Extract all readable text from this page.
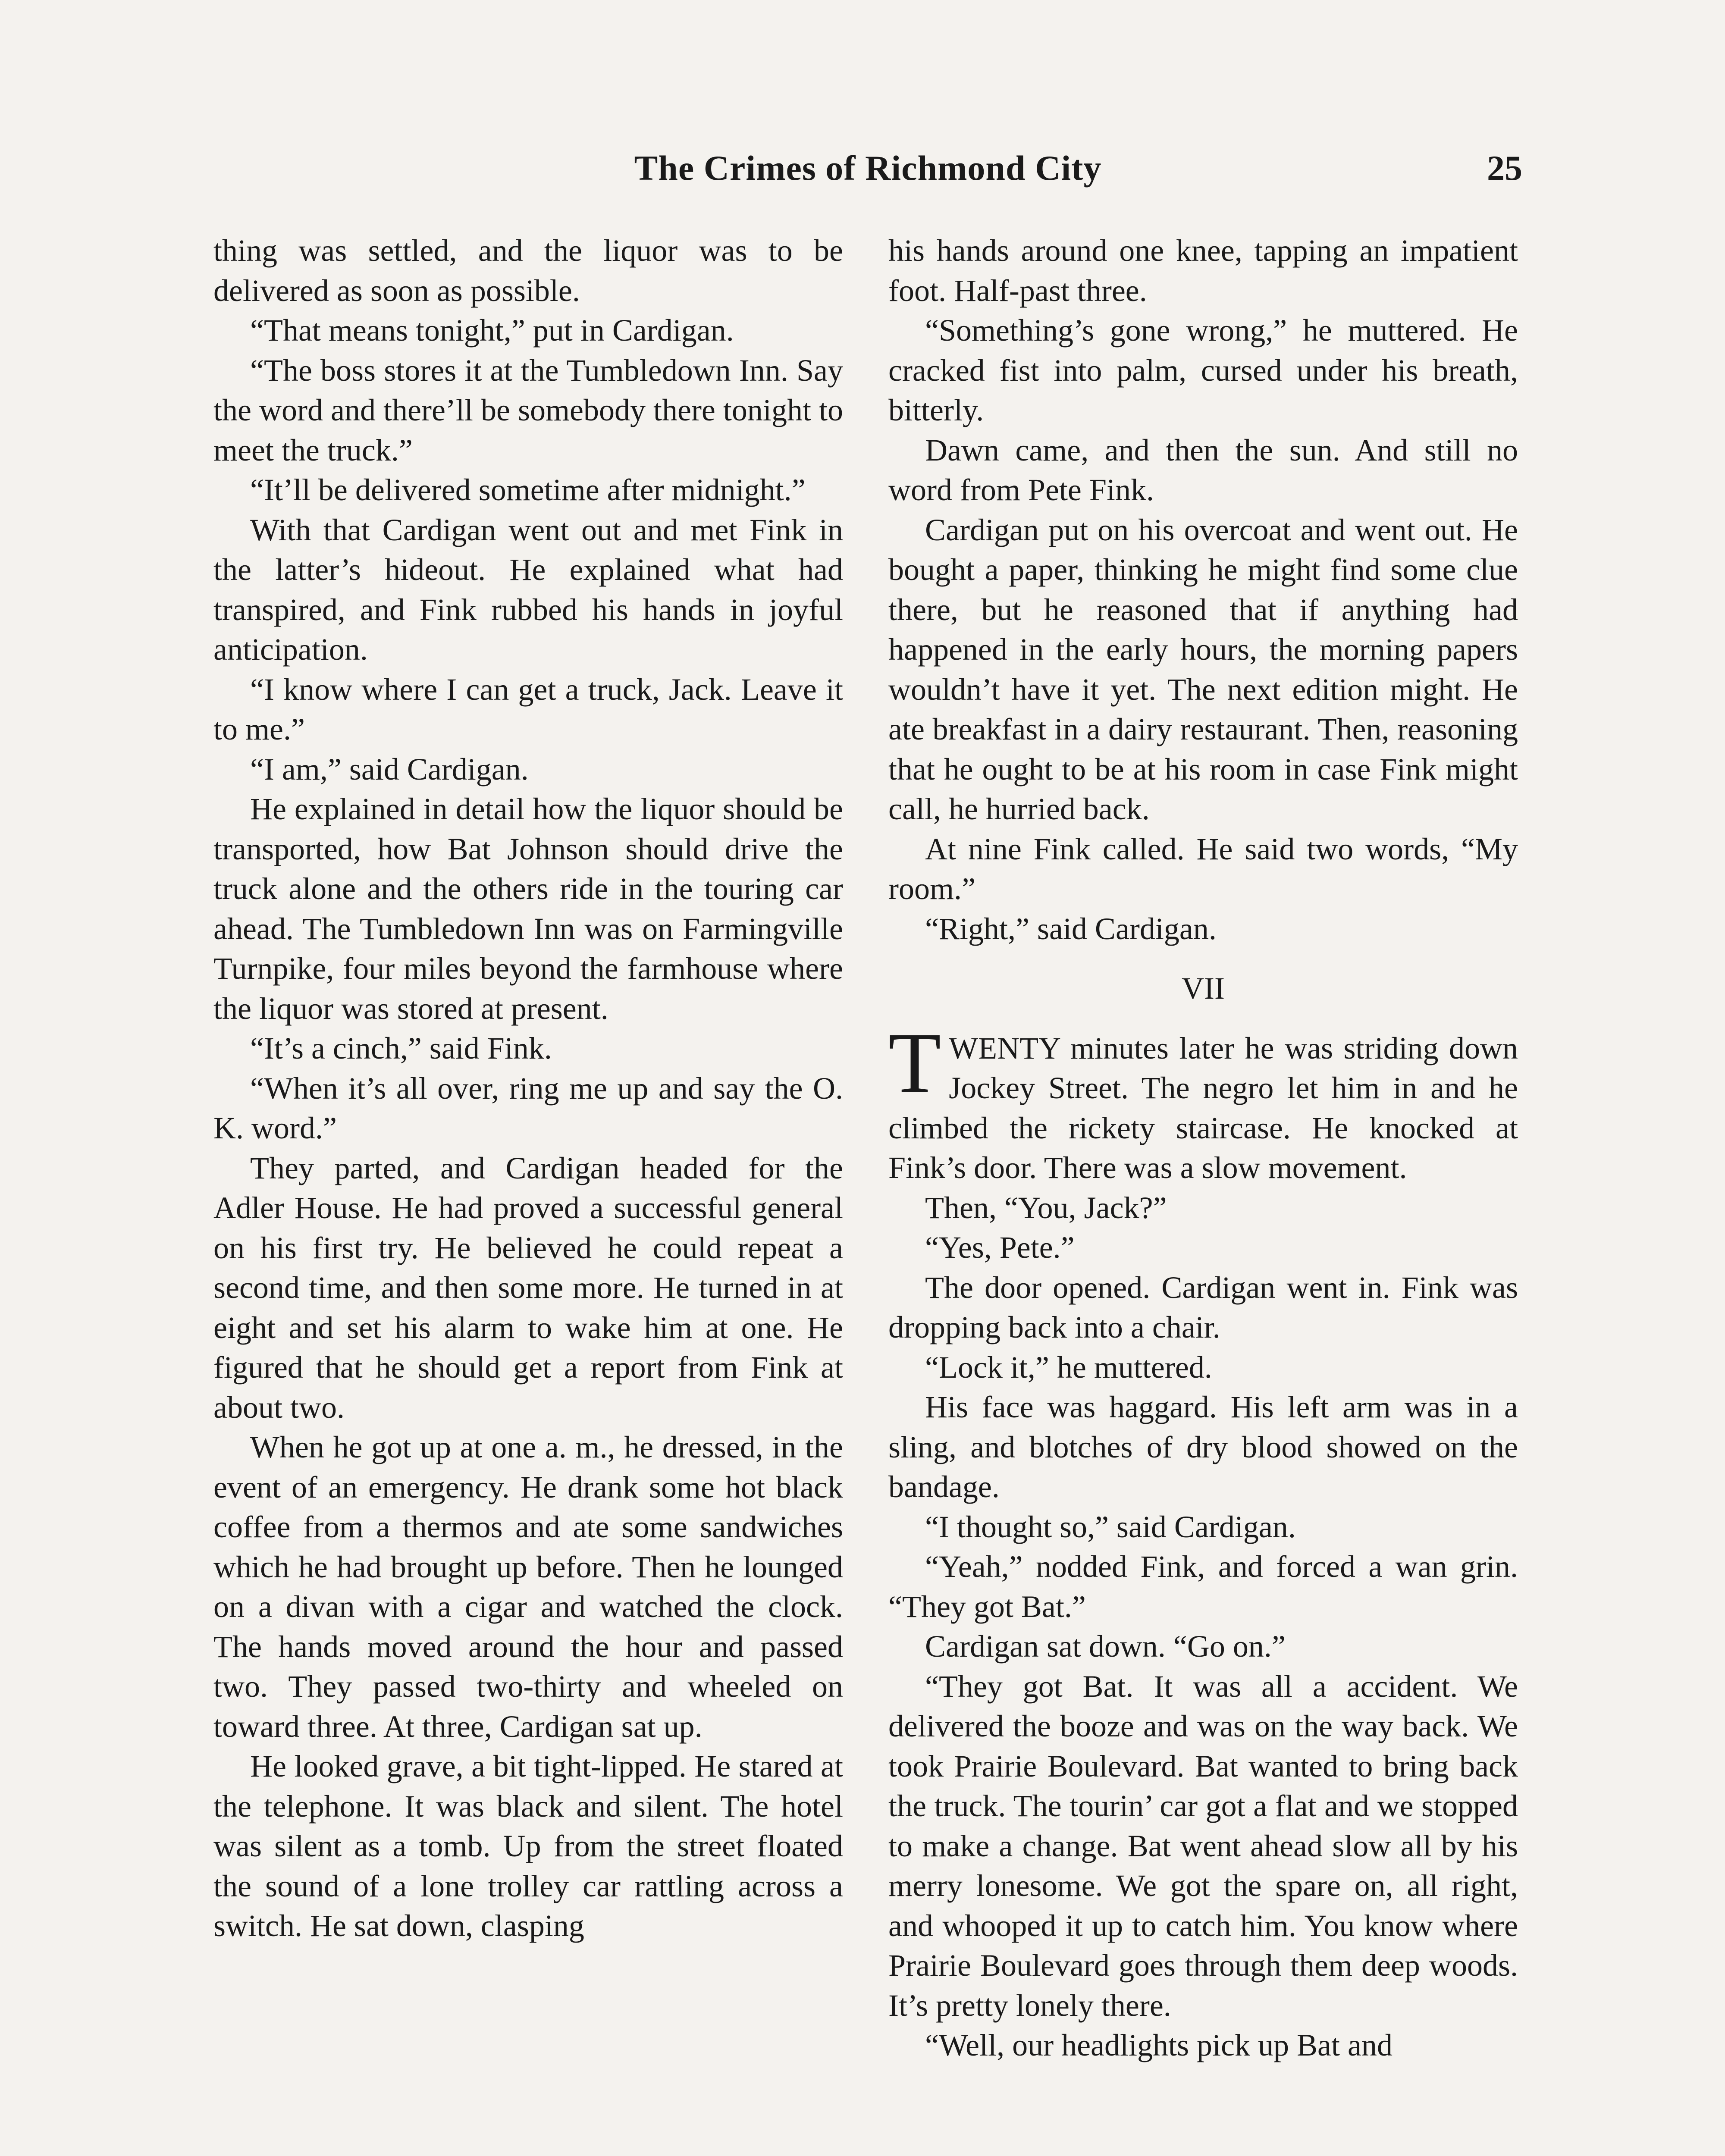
The Crimes of Richmond City	25

thing was settled, and the liquor was to be delivered as soon as possible.

“That means tonight,” put in Cardigan.

“The boss stores it at the Tumbledown Inn. Say the word and there’ll be somebody there tonight to meet the truck.”

“It’ll be delivered sometime after midnight.”

With that Cardigan went out and met Fink in the latter’s hideout. He explained what had transpired, and Fink rubbed his hands in joyful anticipation.

“I know where I can get a truck, Jack. Leave it to me.”

“I am,” said Cardigan.

He explained in detail how the liquor should be transported, how Bat Johnson should drive the truck alone and the others ride in the touring car ahead. The Tumbledown Inn was on Farmingville Turnpike, four miles beyond the farmhouse where the liquor was stored at present.

“It’s a cinch,” said Fink.

“When it’s all over, ring me up and say the O. K. word.”

They parted, and Cardigan headed for the Adler House. He had proved a successful general on his first try. He believed he could repeat a second time, and then some more. He turned in at eight and set his alarm to wake him at one. He figured that he should get a report from Fink at about two.

When he got up at one a. m., he dressed, in the event of an emergency. He drank some hot black coffee from a thermos and ate some sandwiches which he had brought up before. Then he lounged on a divan with a cigar and watched the clock. The hands moved around the hour and passed two. They passed two-thirty and wheeled on toward three. At three, Cardigan sat up.

He looked grave, a bit tight-lipped. He stared at the telephone. It was black and silent. The hotel was silent as a tomb. Up from the street floated the sound of a lone trolley car rattling across a switch. He sat down, clasping

his hands around one knee, tapping an impatient foot. Half-past three.

“Something’s gone wrong,” he muttered. He cracked fist into palm, cursed under his breath, bitterly.

Dawn came, and then the sun. And still no word from Pete Fink.

Cardigan put on his overcoat and went out. He bought a paper, thinking he might find some clue there, but he reasoned that if anything had happened in the early hours, the morning papers wouldn’t have it yet. The next edition might. He ate breakfast in a dairy restaurant. Then, reasoning that he ought to be at his room in case Fink might call, he hurried back.

At nine Fink called. He said two words, “My room.”

“Right,” said Cardigan.

VII

TWENTY minutes later he was striding down Jockey Street. The negro let him in and he climbed the rickety staircase. He knocked at Fink’s door. There was a slow movement.

Then, “You, Jack?”

“Yes, Pete.”

The door opened. Cardigan went in. Fink was dropping back into a chair.

“Lock it,” he muttered.

His face was haggard. His left arm was in a sling, and blotches of dry blood showed on the bandage.

“I thought so,” said Cardigan.

“Yeah,” nodded Fink, and forced a wan grin. “They got Bat.”

Cardigan sat down. “Go on.”

“They got Bat. It was all a accident. We delivered the booze and was on the way back. We took Prairie Boulevard. Bat wanted to bring back the truck. The tourin’ car got a flat and we stopped to make a change. Bat went ahead slow all by his merry lonesome. We got the spare on, all right, and whooped it up to catch him. You know where Prairie Boulevard goes through them deep woods. It’s pretty lonely there.

“Well, our headlights pick up Bat and
